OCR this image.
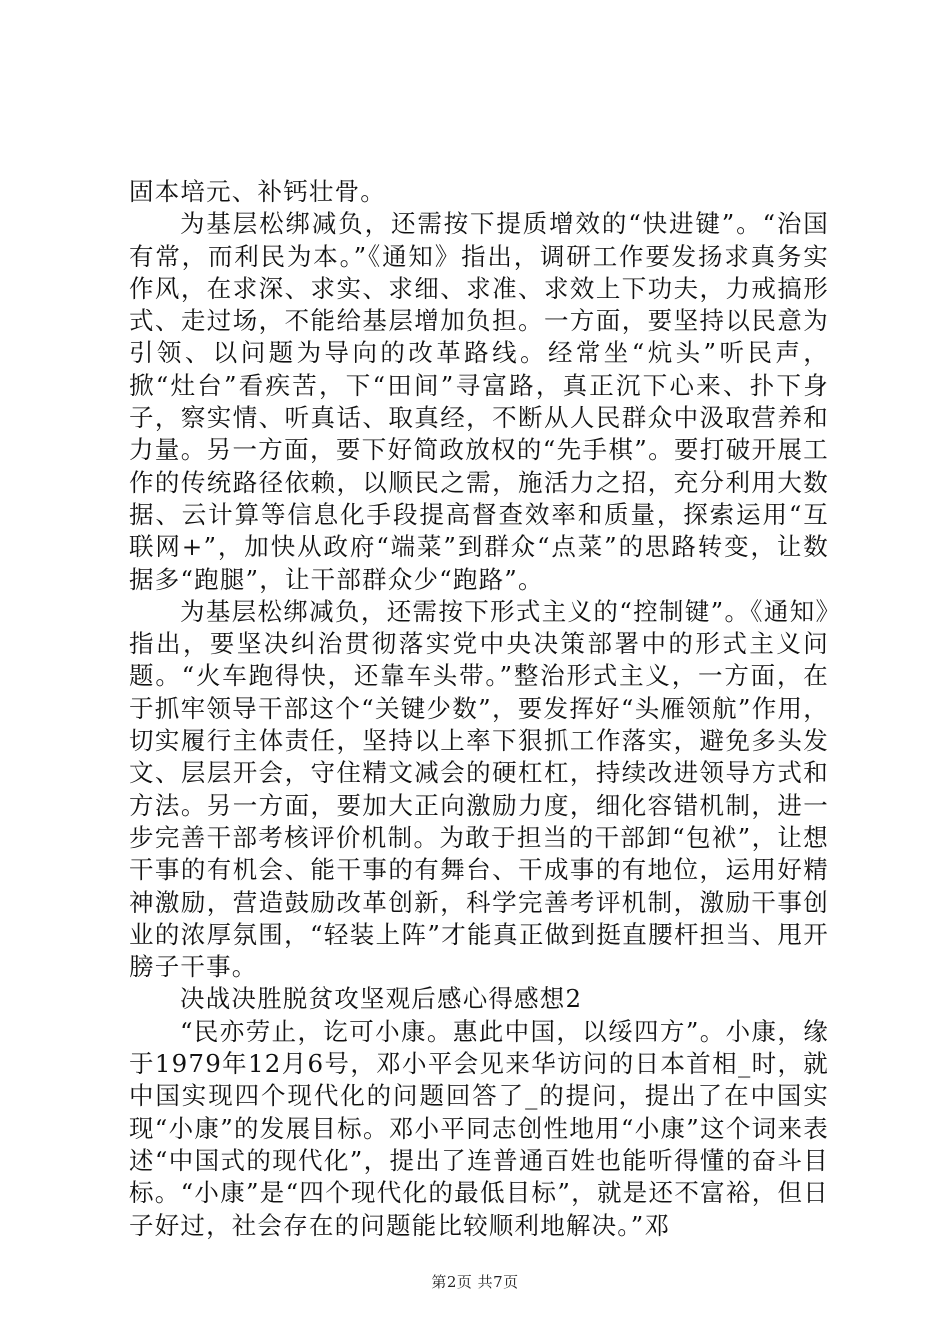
固本培元、补钙壮骨。

为基层松绑减负，还需按下提质增效的“快进键”。“治国有常，而利民为本。”《通知》指出，调研工作要发扬求真务实作风，在求深、求实、求细、求准、求效上下功夫，力戒搞形式、走过场，不能给基层增加负担。一方面，要坚持以民意为引领、以问题为导向的改革路线。经常坐“炕头”听民声，掀“灶台”看疾苦，下“田间”寻富路，真正沉下心来、扑下身子，察实情、听真话、取真经，不断从人民群众中汲取营养和力量。另一方面，要下好简政放权的“先手棋”。要打破开展工作的传统路径依赖，以顺民之需，施活力之招，充分利用大数据、云计算等信息化手段提高督查效率和质量，探索运用“互联网+”，加快从政府“端菜”到群众“点菜”的思路转变，让数据多“跑腿”，让干部群众少“跑路”。

为基层松绑减负，还需按下形式主义的“控制键”。《通知》指出，要坚决纠治贯彻落实党中央决策部署中的形式主义问题。“火车跑得快，还靠车头带。”整治形式主义，一方面，在于抓牢领导干部这个“关键少数”，要发挥好“头雁领航”作用，切实履行主体责任，坚持以上率下狠抓工作落实，避免多头发文、层层开会，守住精文减会的硬杠杠，持续改进领导方式和方法。另一方面，要加大正向激励力度，细化容错机制，进一步完善干部考核评价机制。为敢于担当的干部卸“包袱”，让想干事的有机会、能干事的有舞台、干成事的有地位，运用好精神激励，营造鼓励改革创新，科学完善考评机制，激励干事创业的浓厚氛围，“轻装上阵”才能真正做到挺直腰杆担当、甩开膀子干事。

决战决胜脱贫攻坚观后感心得感想2

“民亦劳止，讫可小康。惠此中国，以绥四方”。小康，缘于1979年12月6号，邓小平会见来华访问的日本首相_时，就中国实现四个现代化的问题回答了_的提问，提出了在中国实现“小康”的发展目标。邓小平同志创性地用“小康”这个词来表述“中国式的现代化”，提出了连普通百姓也能听得懂的奋斗目标。“小康”是“四个现代化的最低目标”，就是还不富裕，但日子好过，社会存在的问题能比较顺利地解决。”邓

第2页 共7页
